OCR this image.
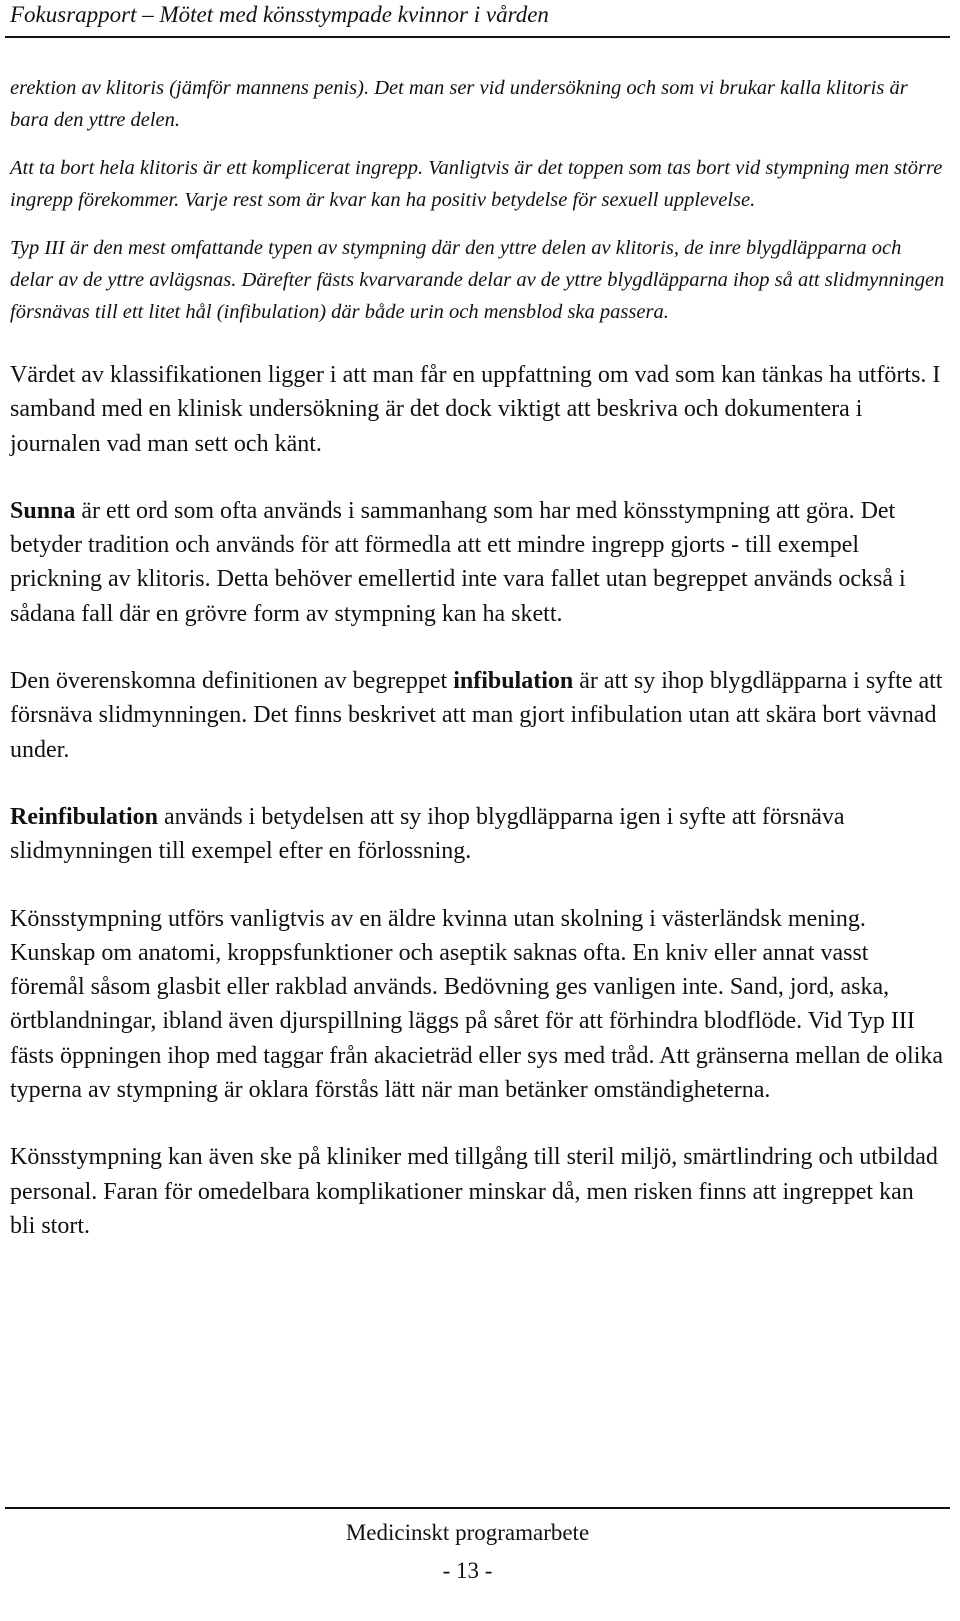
Fokusrapport – Mötet med könsstympade kvinnor i vården

erektion av klitoris (jämför mannens penis). Det man ser vid undersökning och som vi brukar kalla klitoris är bara den yttre delen.

Att ta bort hela klitoris är ett komplicerat ingrepp. Vanligtvis är det toppen som tas bort vid stympning men större ingrepp förekommer. Varje rest som är kvar kan ha positiv betydelse för sexuell upplevelse.

Typ III är den mest omfattande typen av stympning där den yttre delen av klitoris, de inre blygdläpparna och delar av de yttre avlägsnas. Därefter fästs kvarvarande delar av de yttre blygdläpparna ihop så att slidmynningen försnävas till ett litet hål (infibulation) där både urin och mensblod ska passera.

Värdet av klassifikationen ligger i att man får en uppfattning om vad som kan tänkas ha utförts. I samband med en klinisk undersökning är det dock viktigt att beskriva och dokumentera i journalen vad man sett och känt.

Sunna är ett ord som ofta används i sammanhang som har med könsstympning att göra. Det betyder tradition och används för att förmedla att ett mindre ingrepp gjorts - till exempel prickning av klitoris. Detta behöver emellertid inte vara fallet utan begreppet används också i sådana fall där en grövre form av stympning kan ha skett.

Den överenskomna definitionen av begreppet infibulation är att sy ihop blygdläpparna i syfte att försnäva slidmynningen. Det finns beskrivet att man gjort infibulation utan att skära bort vävnad under.

Reinfibulation används i betydelsen att sy ihop blygdläpparna igen i syfte att försnäva slidmynningen till exempel efter en förlossning.

Könsstympning utförs vanligtvis av en äldre kvinna utan skolning i västerländsk mening. Kunskap om anatomi, kroppsfunktioner och aseptik saknas ofta. En kniv eller annat vasst föremål såsom glasbit eller rakblad används. Bedövning ges vanligen inte. Sand, jord, aska, örtblandningar, ibland även djurspillning läggs på såret för att förhindra blodflöde. Vid Typ III fästs öppningen ihop med taggar från akacieträd eller sys med tråd. Att gränserna mellan de olika typerna av stympning är oklara förstås lätt när man betänker omständigheterna.

Könsstympning kan även ske på kliniker med tillgång till steril miljö, smärtlindring och utbildad personal. Faran för omedelbara komplikationer minskar då, men risken finns att ingreppet kan bli stort.

Medicinskt programarbete
- 13 -
